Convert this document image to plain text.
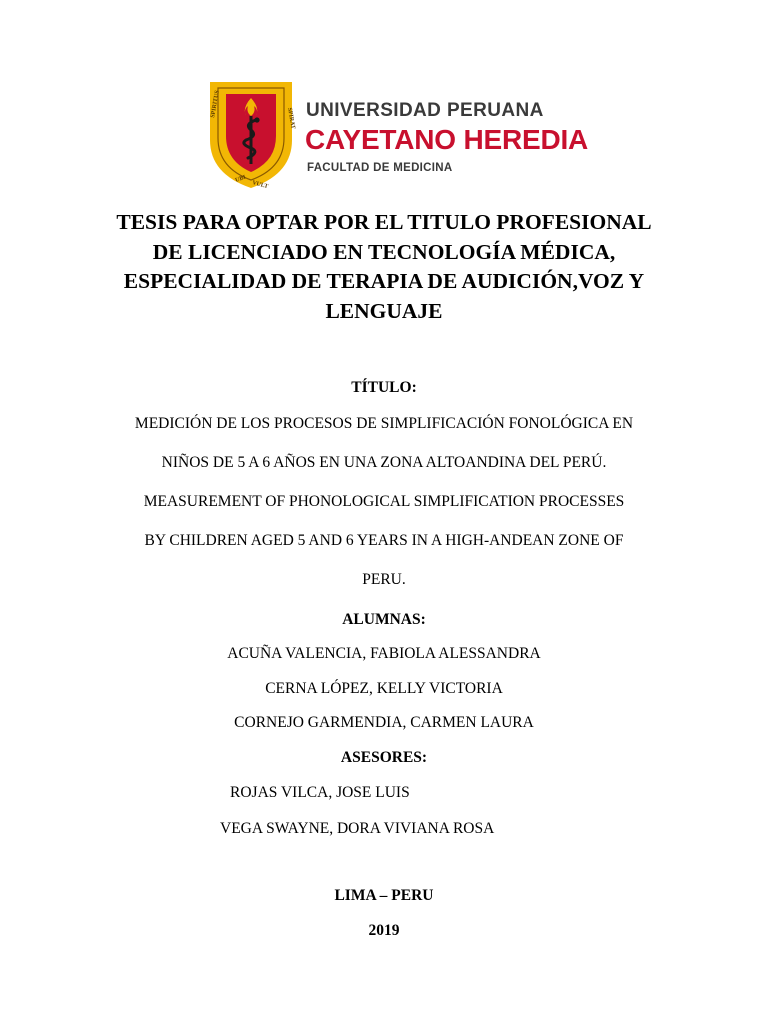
SPIRITUS
UBI
VULT
SPIRAT UNIVERSIDAD PERUANA
CAYETANO HEREDIA
FACULTAD DE MEDICINA
TESIS PARA OPTAR POR EL TITULO PROFESIONAL
DE LICENCIADO EN TECNOLOGÍA MÉDICA,
ESPECIALIDAD DE TERAPIA DE AUDICIÓN,VOZ Y
LENGUAJE
TÍTULO:
MEDICIÓN DE LOS PROCESOS DE SIMPLIFICACIÓN FONOLÓGICA EN
NIÑOS DE 5 A 6 AÑOS EN UNA ZONA ALTOANDINA DEL PERÚ.
MEASUREMENT OF PHONOLOGICAL SIMPLIFICATION PROCESSES
BY CHILDREN AGED 5 AND 6 YEARS IN A HIGH-ANDEAN ZONE OF
PERU.
ALUMNAS:
ACUÑA VALENCIA, FABIOLA ALESSANDRA
CERNA LÓPEZ, KELLY VICTORIA
CORNEJO GARMENDIA, CARMEN LAURA
ASESORES:
ROJAS VILCA, JOSE LUIS
VEGA SWAYNE, DORA VIVIANA ROSA
LIMA – PERU
2019
